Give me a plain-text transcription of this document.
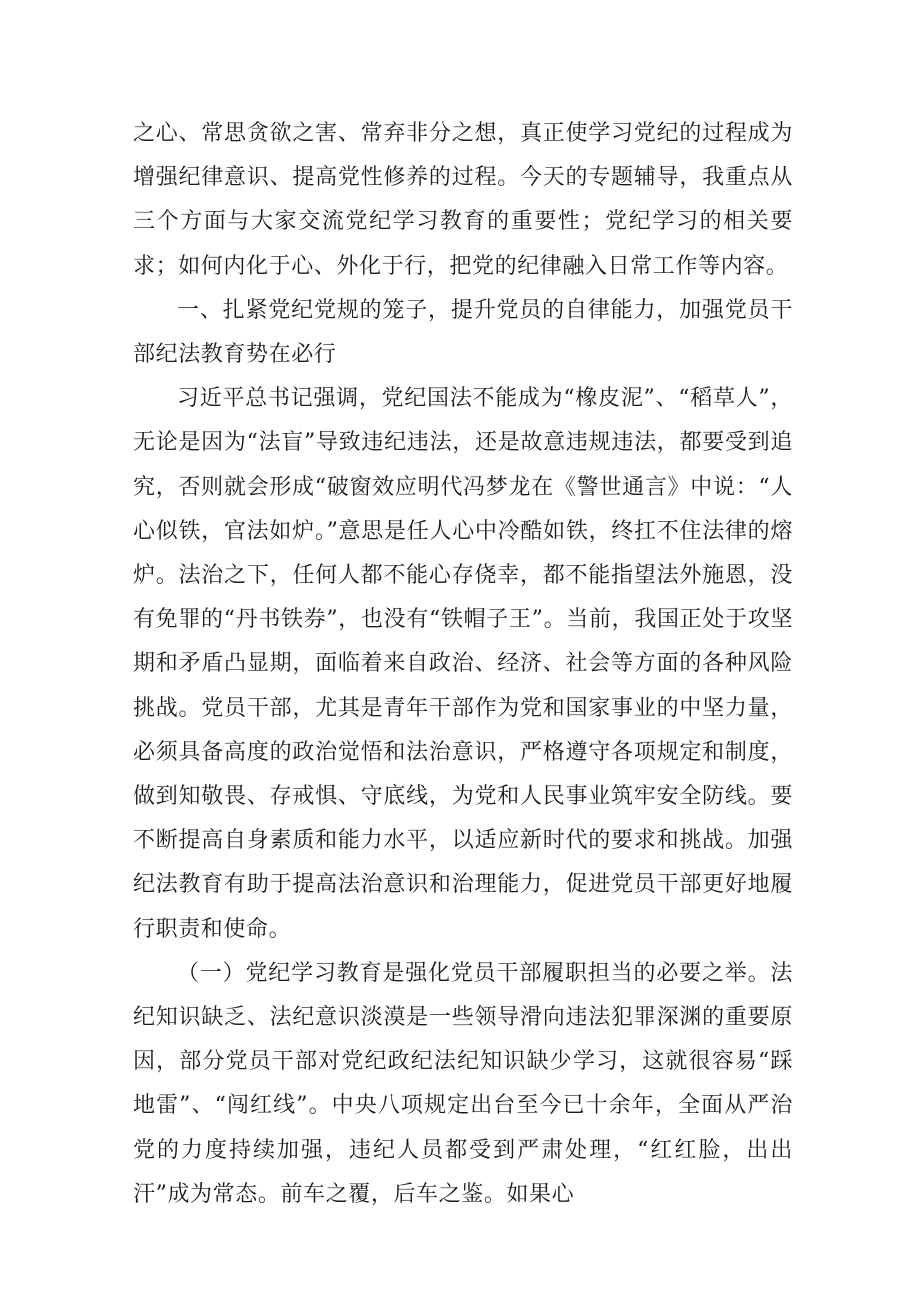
之心、常思贪欲之害、常弃非分之想，真正使学习党纪的过程成为增强纪律意识、提高党性修养的过程。今天的专题辅导，我重点从三个方面与大家交流党纪学习教育的重要性；党纪学习的相关要求；如何内化于心、外化于行，把党的纪律融入日常工作等内容。

一、扎紧党纪党规的笼子，提升党员的自律能力，加强党员干部纪法教育势在必行

习近平总书记强调，党纪国法不能成为“橡皮泥”、“稻草人”，无论是因为“法盲”导致违纪违法，还是故意违规违法，都要受到追究，否则就会形成“破窗效应明代冯梦龙在《警世通言》中说：“人心似铁，官法如炉。”意思是任人心中冷酷如铁，终扛不住法律的熔炉。法治之下，任何人都不能心存侥幸，都不能指望法外施恩，没有免罪的“丹书铁券”，也没有“铁帽子王”。当前，我国正处于攻坚期和矛盾凸显期，面临着来自政治、经济、社会等方面的各种风险挑战。党员干部，尤其是青年干部作为党和国家事业的中坚力量，必须具备高度的政治觉悟和法治意识，严格遵守各项规定和制度，做到知敬畏、存戒惧、守底线，为党和人民事业筑牢安全防线。要不断提高自身素质和能力水平，以适应新时代的要求和挑战。加强纪法教育有助于提高法治意识和治理能力，促进党员干部更好地履行职责和使命。

（一）党纪学习教育是强化党员干部履职担当的必要之举。法纪知识缺乏、法纪意识淡漠是一些领导滑向违法犯罪深渊的重要原因，部分党员干部对党纪政纪法纪知识缺少学习，这就很容易“踩地雷”、“闯红线”。中央八项规定出台至今已十余年，全面从严治党的力度持续加强，违纪人员都受到严肃处理，“红红脸，出出汗”成为常态。前车之覆，后车之鉴。如果心
